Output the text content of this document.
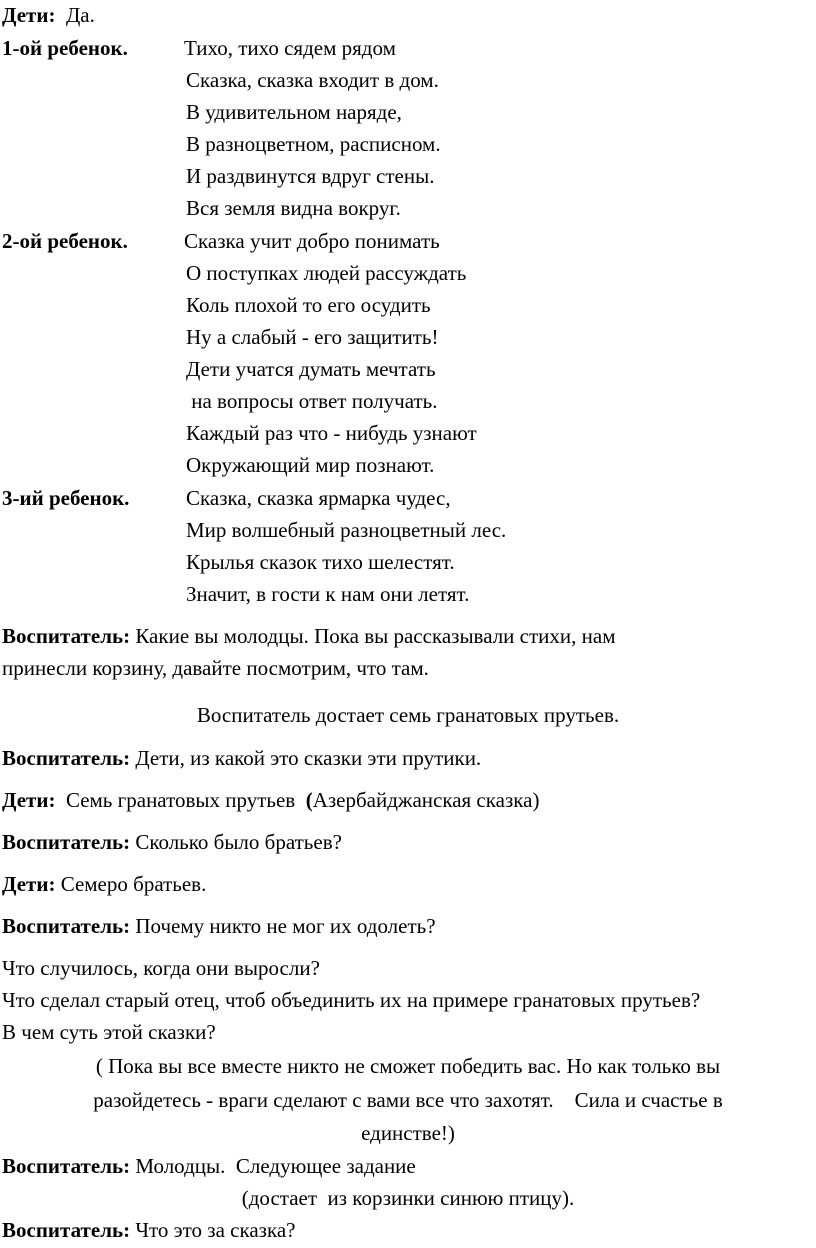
Дети: Да.
1-ой ребенок.	Тихо, тихо сядем рядом
Сказка, сказка входит в дом.
В удивительном наряде,
В разноцветном, расписном.
И раздвинутся вдруг стены.
Вся земля видна вокруг.
2-ой ребенок.	Сказка учит добро понимать
О поступках людей рассуждать
Коль плохой то его осудить
Ну а слабый - его защитить!
Дети учатся думать мечтать
на вопросы ответ получать.
Каждый раз что - нибудь узнают
Окружающий мир познают.
3-ий ребенок.	Сказка, сказка ярмарка чудес,
Мир волшебный разноцветный лес.
Крылья сказок тихо шелестят.
Значит, в гости к нам они летят.
Воспитатель: Какие вы молодцы. Пока вы рассказывали стихи, нам
принесли корзину, давайте посмотрим, что там.
Воспитатель достает семь гранатовых прутьев.
Воспитатель: Дети, из какой это сказки эти прутики.
Дети:  Семь гранатовых прутьев  (Азербайджанская сказка)
Воспитатель: Сколько было братьев?
Дети: Семеро братьев.
Воспитатель: Почему никто не мог их одолеть?
Что случилось, когда они выросли?
Что сделал старый отец, чтоб объединить их на примере гранатовых прутьев?
В чем суть этой сказки?
( Пока вы все вместе никто не сможет победить вас. Но как только вы
разойдетесь - враги сделают с вами все что захотят.    Сила и счастье в
единстве!)
Воспитатель: Молодцы.  Следующее задание
(достает  из корзинки синюю птицу).
Воспитатель: Что это за сказка?
